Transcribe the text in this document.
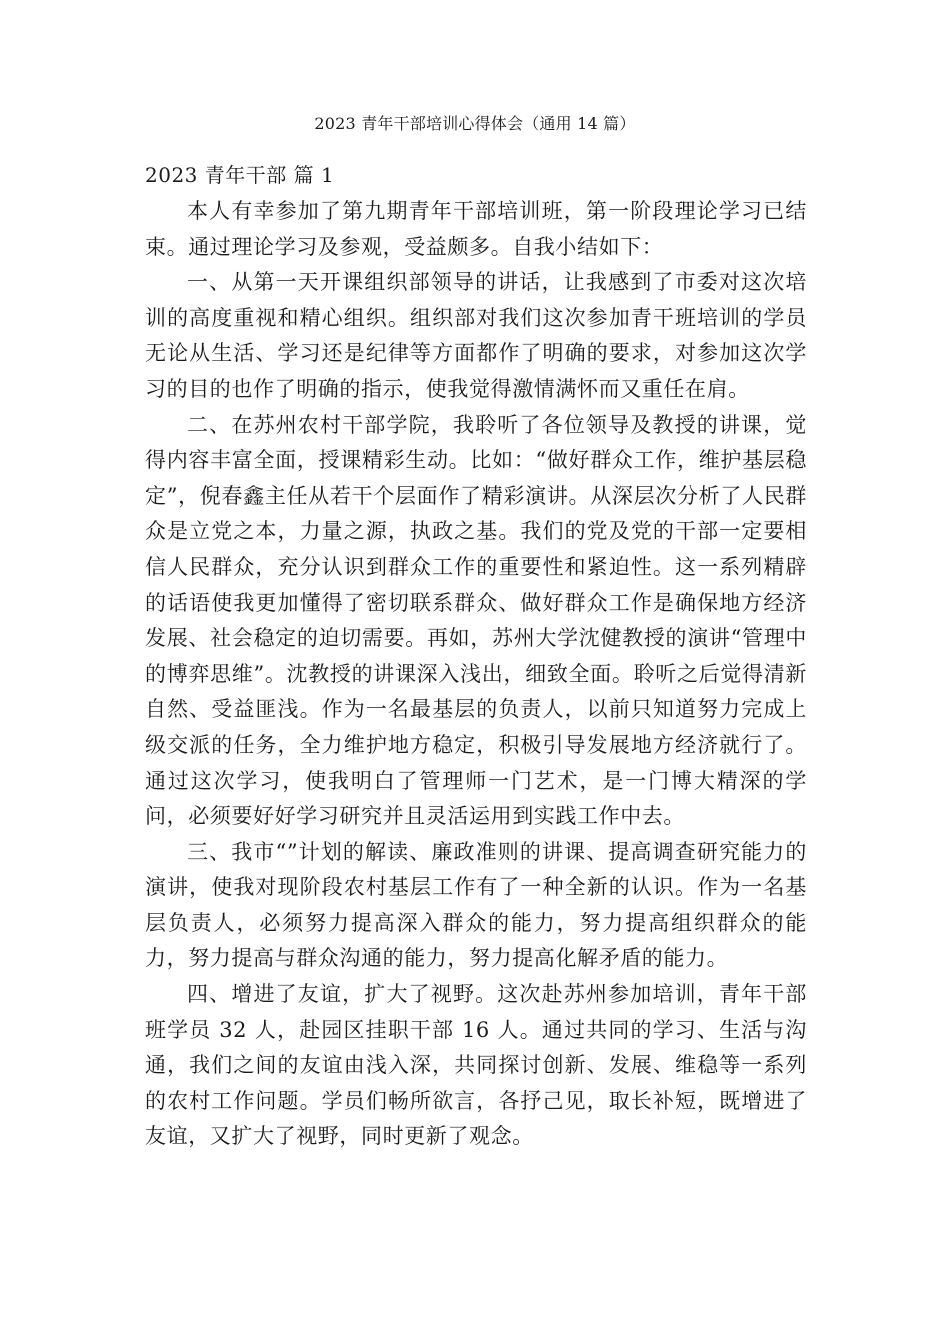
2023 青年干部培训心得体会（通用 14 篇）
2023 青年干部 篇 1

本人有幸参加了第九期青年干部培训班，第一阶段理论学习已结束。通过理论学习及参观，受益颇多。自我小结如下：

一、从第一天开课组织部领导的讲话，让我感到了市委对这次培训的高度重视和精心组织。组织部对我们这次参加青干班培训的学员无论从生活、学习还是纪律等方面都作了明确的要求，对参加这次学习的目的也作了明确的指示，使我觉得激情满怀而又重任在肩。

二、在苏州农村干部学院，我聆听了各位领导及教授的讲课，觉得内容丰富全面，授课精彩生动。比如：“做好群众工作，维护基层稳定”，倪春鑫主任从若干个层面作了精彩演讲。从深层次分析了人民群众是立党之本，力量之源，执政之基。我们的党及党的干部一定要相信人民群众，充分认识到群众工作的重要性和紧迫性。这一系列精辟的话语使我更加懂得了密切联系群众、做好群众工作是确保地方经济发展、社会稳定的迫切需要。再如，苏州大学沈健教授的演讲“管理中的博弈思维”。沈教授的讲课深入浅出，细致全面。聆听之后觉得清新自然、受益匪浅。作为一名最基层的负责人，以前只知道努力完成上级交派的任务，全力维护地方稳定，积极引导发展地方经济就行了。通过这次学习，使我明白了管理师一门艺术，是一门博大精深的学问，必须要好好学习研究并且灵活运用到实践工作中去。

三、我市“”计划的解读、廉政准则的讲课、提高调查研究能力的演讲，使我对现阶段农村基层工作有了一种全新的认识。作为一名基层负责人，必须努力提高深入群众的能力，努力提高组织群众的能力，努力提高与群众沟通的能力，努力提高化解矛盾的能力。

四、增进了友谊，扩大了视野。这次赴苏州参加培训，青年干部班学员 32 人，赴园区挂职干部 16 人。通过共同的学习、生活与沟通，我们之间的友谊由浅入深，共同探讨创新、发展、维稳等一系列的农村工作问题。学员们畅所欲言，各抒己见，取长补短，既增进了友谊，又扩大了视野，同时更新了观念。
